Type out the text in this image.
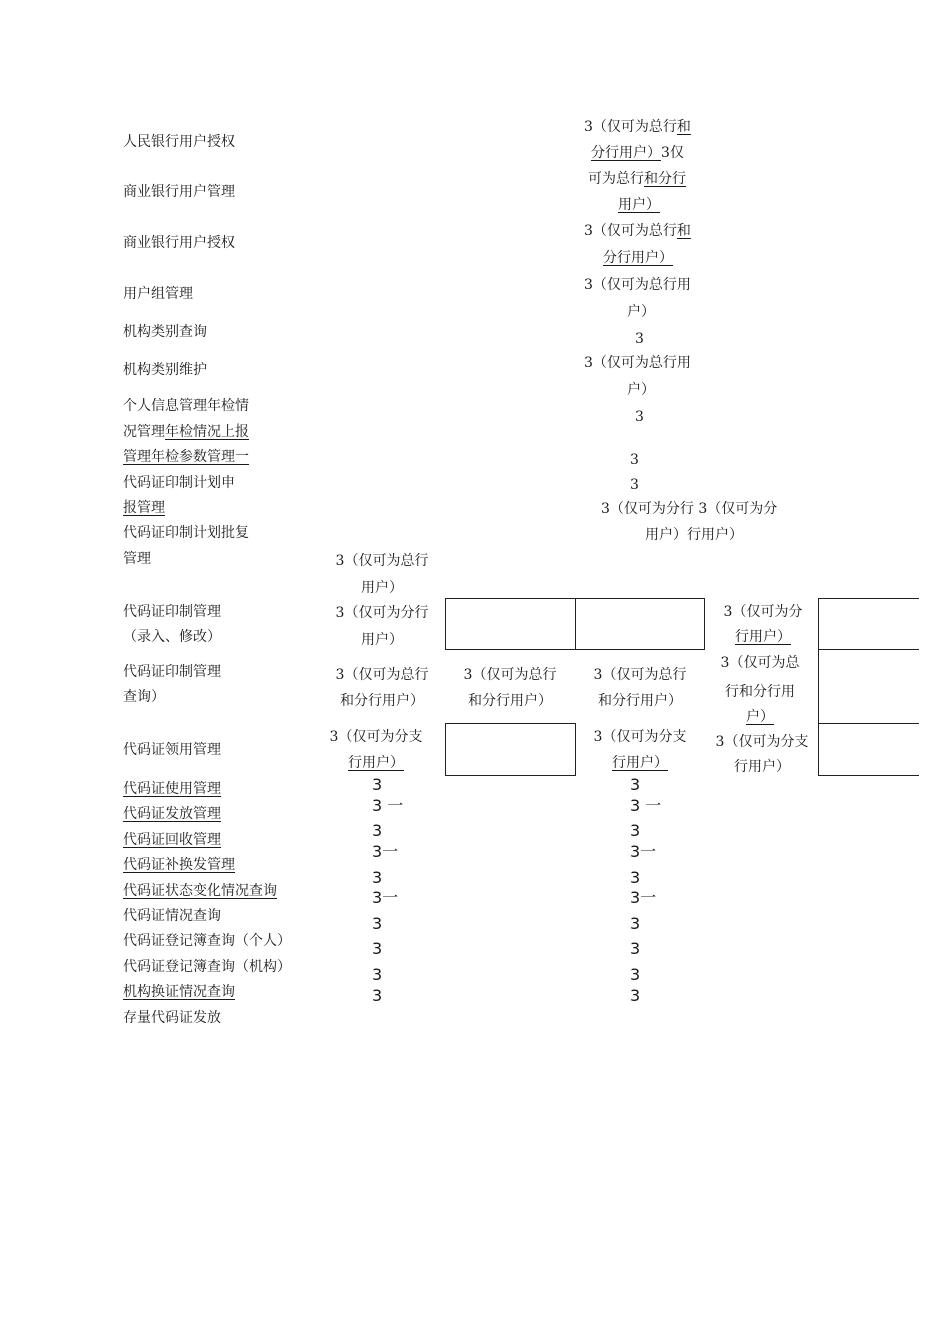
人民银行用户授权
商业银行用户管理
商业银行用户授权
用户组管理
机构类别查询
机构类别维护
个人信息管理年检情
况管理年检情况上报
管理年检参数管理一
代码证印制计划申
报管理
代码证印制计划批复
管理
代码证印制管理
（录入、修改）
代码证印制管理
查询）
代码证领用管理
代码证使用管理
代码证发放管理
代码证回收管理
代码证补换发管理
代码证状态变化情况查询
代码证情况查询
代码证登记簿查询（个人）
代码证登记簿查询（机构）
机构换证情况查询
存量代码证发放
3（仅可为总行和
分行用户）3仅
可为总行和分行
用户）
3（仅可为总行和
分行用户）
3（仅可为总行用
户）
3
3（仅可为总行用
户）
3
3
3
3（仅可为分行 3（仅可为分
用户）行用户）
3（仅可为总行
用户）
3（仅可为分行
用户）
3（仅可为分
行用户）
3（仅可为总行
和分行用户）
3（仅可为总行
和分行用户）
3（仅可为总行
和分行用户）
3（仅可为总
行和分行用
户）
3（仅可为分支
行用户）
3（仅可为分支
行用户）
3（仅可为分支
行用户）
3
3 一
3
3一
3
3一
3
3
3
3
3
3 一
3
3一
3
3一
3
3
3
3
